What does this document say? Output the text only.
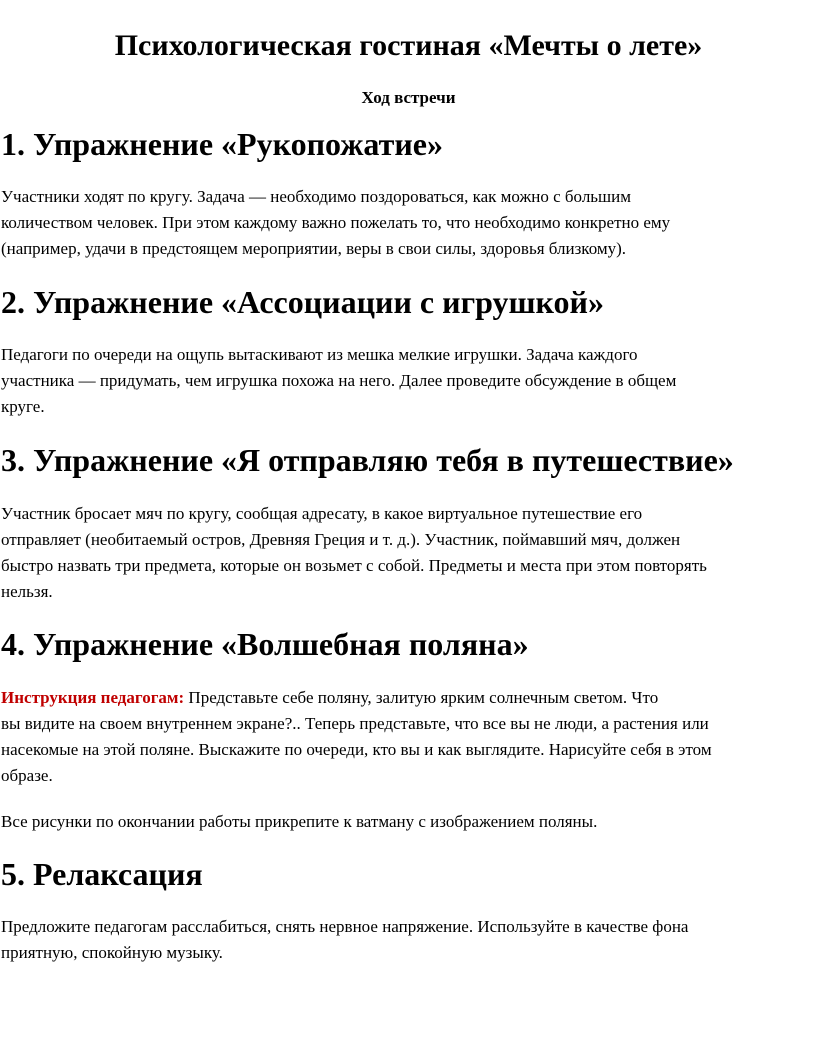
Психологическая гостиная «Мечты о лете»

Ход встречи

1. Упражнение «Рукопожатие»
Участники ходят по кругу. Задача — необходимо поздороваться, как можно с большим
количеством человек. При этом каждому важно пожелать то, что необходимо конкретно ему
(например, удачи в предстоящем мероприятии, веры в свои силы, здоровья близкому).
2. Упражнение «Ассоциации с игрушкой»
Педагоги по очереди на ощупь вытаскивают из мешка мелкие игрушки. Задача каждого
участника — придумать, чем игрушка похожа на него. Далее проведите обсуждение в общем
круге.
3. Упражнение «Я отправляю тебя в путешествие»
Участник бросает мяч по кругу, сообщая адресату, в какое виртуальное путешествие его
отправляет (необитаемый остров, Древняя Греция и т. д.). Участник, поймавший мяч, должен
быстро назвать три предмета, которые он возьмет с собой. Предметы и места при этом повторять
нельзя.
4. Упражнение «Волшебная поляна»
Инструкция педагогам: Представьте себе поляну, залитую ярким солнечным светом. Что
вы видите на своем внутреннем экране?.. Теперь представьте, что все вы не люди, а растения или
насекомые на этой поляне. Выскажите по очереди, кто вы и как выглядите. Нарисуйте себя в этом
образе.
Все рисунки по окончании работы прикрепите к ватману с изображением поляны.
5. Релаксация
Предложите педагогам расслабиться, снять нервное напряжение. Используйте в качестве фона
приятную, спокойную музыку.
